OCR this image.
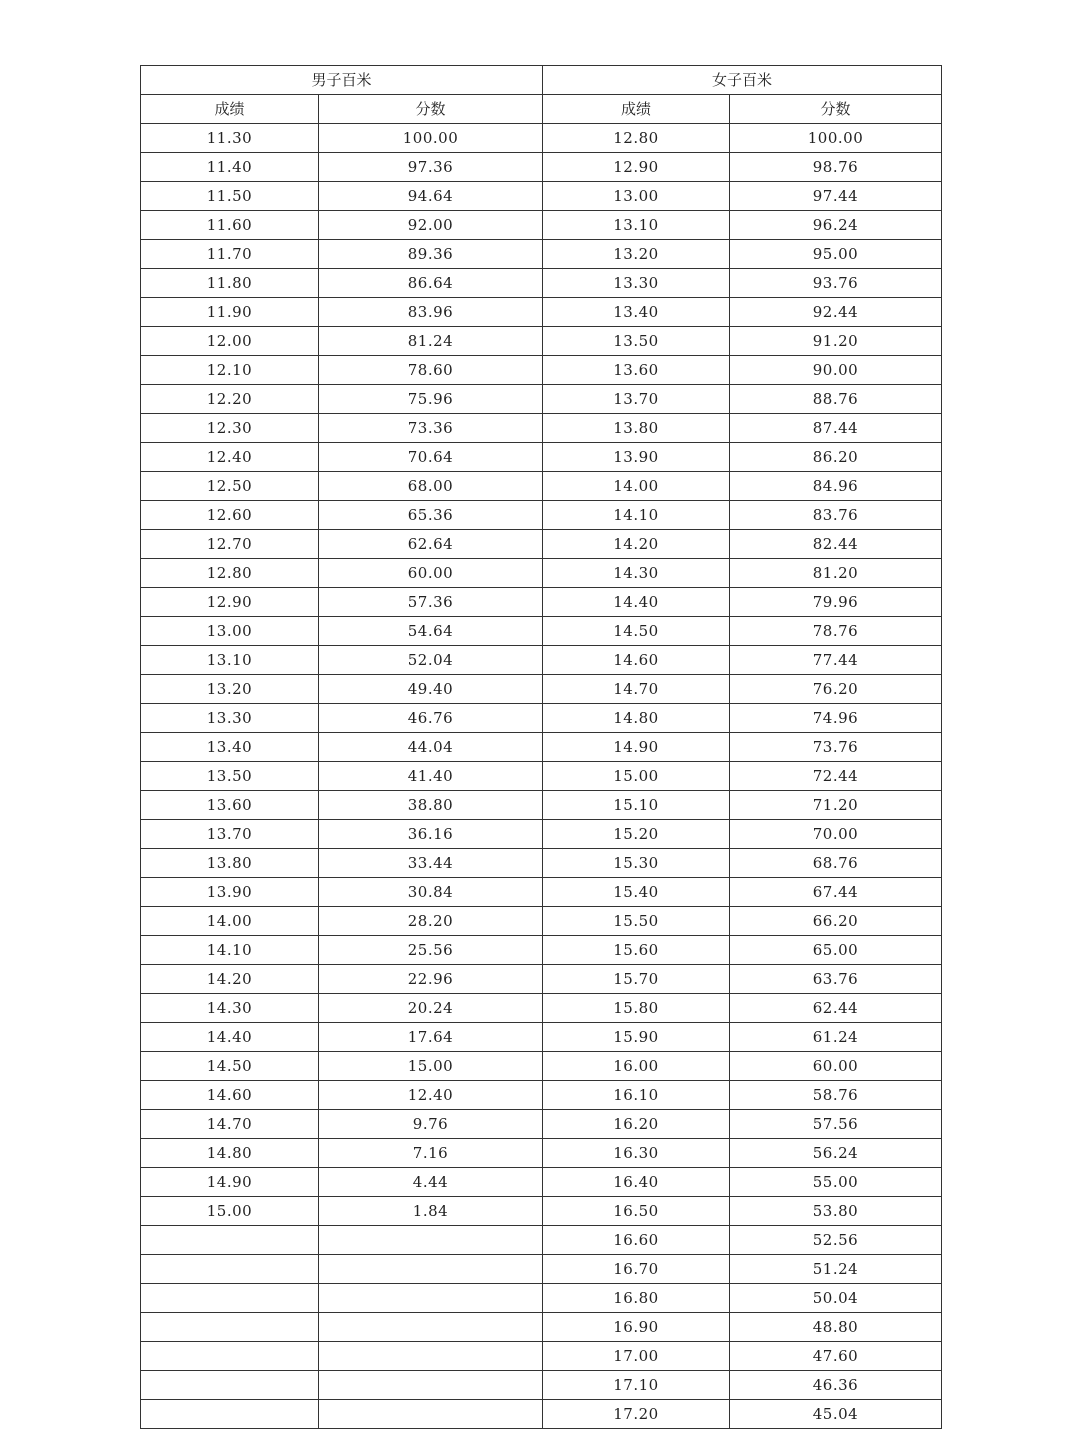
男子百米		女子百米	
成绩	分数	成绩	分数
11.30	100.00	12.80	100.00
11.40	97.36	12.90	98.76
11.50	94.64	13.00	97.44
11.60	92.00	13.10	96.24
11.70	89.36	13.20	95.00
11.80	86.64	13.30	93.76
11.90	83.96	13.40	92.44
12.00	81.24	13.50	91.20
12.10	78.60	13.60	90.00
12.20	75.96	13.70	88.76
12.30	73.36	13.80	87.44
12.40	70.64	13.90	86.20
12.50	68.00	14.00	84.96
12.60	65.36	14.10	83.76
12.70	62.64	14.20	82.44
12.80	60.00	14.30	81.20
12.90	57.36	14.40	79.96
13.00	54.64	14.50	78.76
13.10	52.04	14.60	77.44
13.20	49.40	14.70	76.20
13.30	46.76	14.80	74.96
13.40	44.04	14.90	73.76
13.50	41.40	15.00	72.44
13.60	38.80	15.10	71.20
13.70	36.16	15.20	70.00
13.80	33.44	15.30	68.76
13.90	30.84	15.40	67.44
14.00	28.20	15.50	66.20
14.10	25.56	15.60	65.00
14.20	22.96	15.70	63.76
14.30	20.24	15.80	62.44
14.40	17.64	15.90	61.24
14.50	15.00	16.00	60.00
14.60	12.40	16.10	58.76
14.70	9.76	16.20	57.56
14.80	7.16	16.30	56.24
14.90	4.44	16.40	55.00
15.00	1.84	16.50	53.80
		16.60	52.56
		16.70	51.24
		16.80	50.04
		16.90	48.80
		17.00	47.60
		17.10	46.36
		17.20	45.04
